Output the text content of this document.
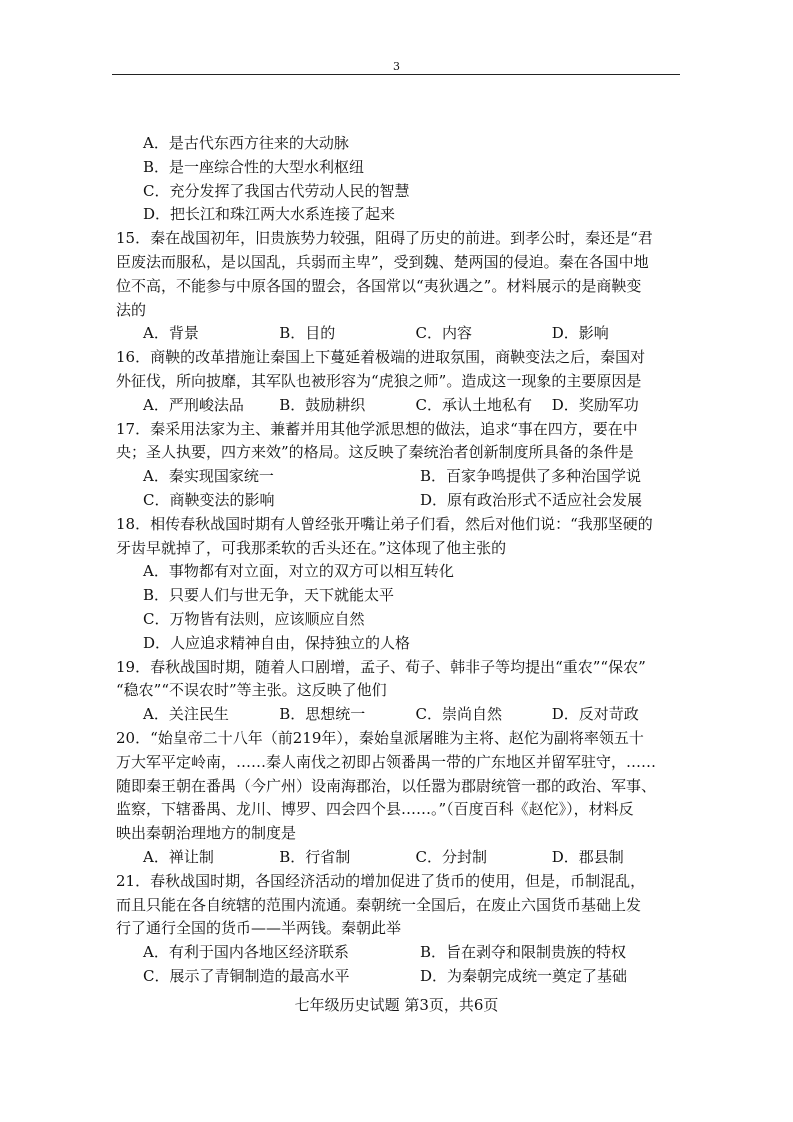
3
A．是古代东西方往来的大动脉
B．是一座综合性的大型水利枢纽
C．充分发挥了我国古代劳动人民的智慧
D．把长江和珠江两大水系连接了起来
15．秦在战国初年，旧贵族势力较强，阻碍了历史的前进。到孝公时，秦还是“君
臣废法而服私，是以国乱，兵弱而主卑”，受到魏、楚两国的侵迫。秦在各国中地
位不高，不能参与中原各国的盟会，各国常以“夷狄遇之”。材料展示的是商鞅变
法的
A．背景	B．目的	C．内容	D．影响
16．商鞅的改革措施让秦国上下蔓延着极端的进取氛围，商鞅变法之后，秦国对
外征伐，所向披靡，其军队也被形容为“虎狼之师”。造成这一现象的主要原因是
A．严刑峻法品	B．鼓励耕织	C．承认土地私有	D．奖励军功
17．秦采用法家为主、兼蓄并用其他学派思想的做法，追求“事在四方，要在中
央；圣人执要，四方来效”的格局。这反映了秦统治者创新制度所具备的条件是
A．秦实现国家统一	B．百家争鸣提供了多种治国学说
C．商鞅变法的影响	D．原有政治形式不适应社会发展
18．相传春秋战国时期有人曾经张开嘴让弟子们看，然后对他们说：“我那坚硬的
牙齿早就掉了，可我那柔软的舌头还在。”这体现了他主张的
A．事物都有对立面，对立的双方可以相互转化
B．只要人们与世无争，天下就能太平
C．万物皆有法则，应该顺应自然
D．人应追求精神自由，保持独立的人格
19．春秋战国时期，随着人口剧增，孟子、荀子、韩非子等均提出“重农”“保农”
“稳农”“不误农时”等主张。这反映了他们
A．关注民生	B．思想统一	C．崇尚自然	D．反对苛政
20．“始皇帝二十八年（前219年），秦始皇派屠睢为主将、赵佗为副将率领五十
万大军平定岭南，……秦人南伐之初即占领番禺一带的广东地区并留军驻守，……
随即秦王朝在番禺（今广州）设南海郡治，以任嚣为郡尉统管一郡的政治、军事、
监察，下辖番禺、龙川、博罗、四会四个县……。”（百度百科《赵佗》），材料反
映出秦朝治理地方的制度是
A．禅让制	B．行省制	C．分封制	D．郡县制
21．春秋战国时期，各国经济活动的增加促进了货币的使用，但是，币制混乱，
而且只能在各自统辖的范围内流通。秦朝统一全国后，在废止六国货币基础上发
行了通行全国的货币——半两钱。秦朝此举
A．有利于国内各地区经济联系	B．旨在剥夺和限制贵族的特权
C．展示了青铜制造的最高水平	D．为秦朝完成统一奠定了基础
七年级历史试题 第3页，共6页
